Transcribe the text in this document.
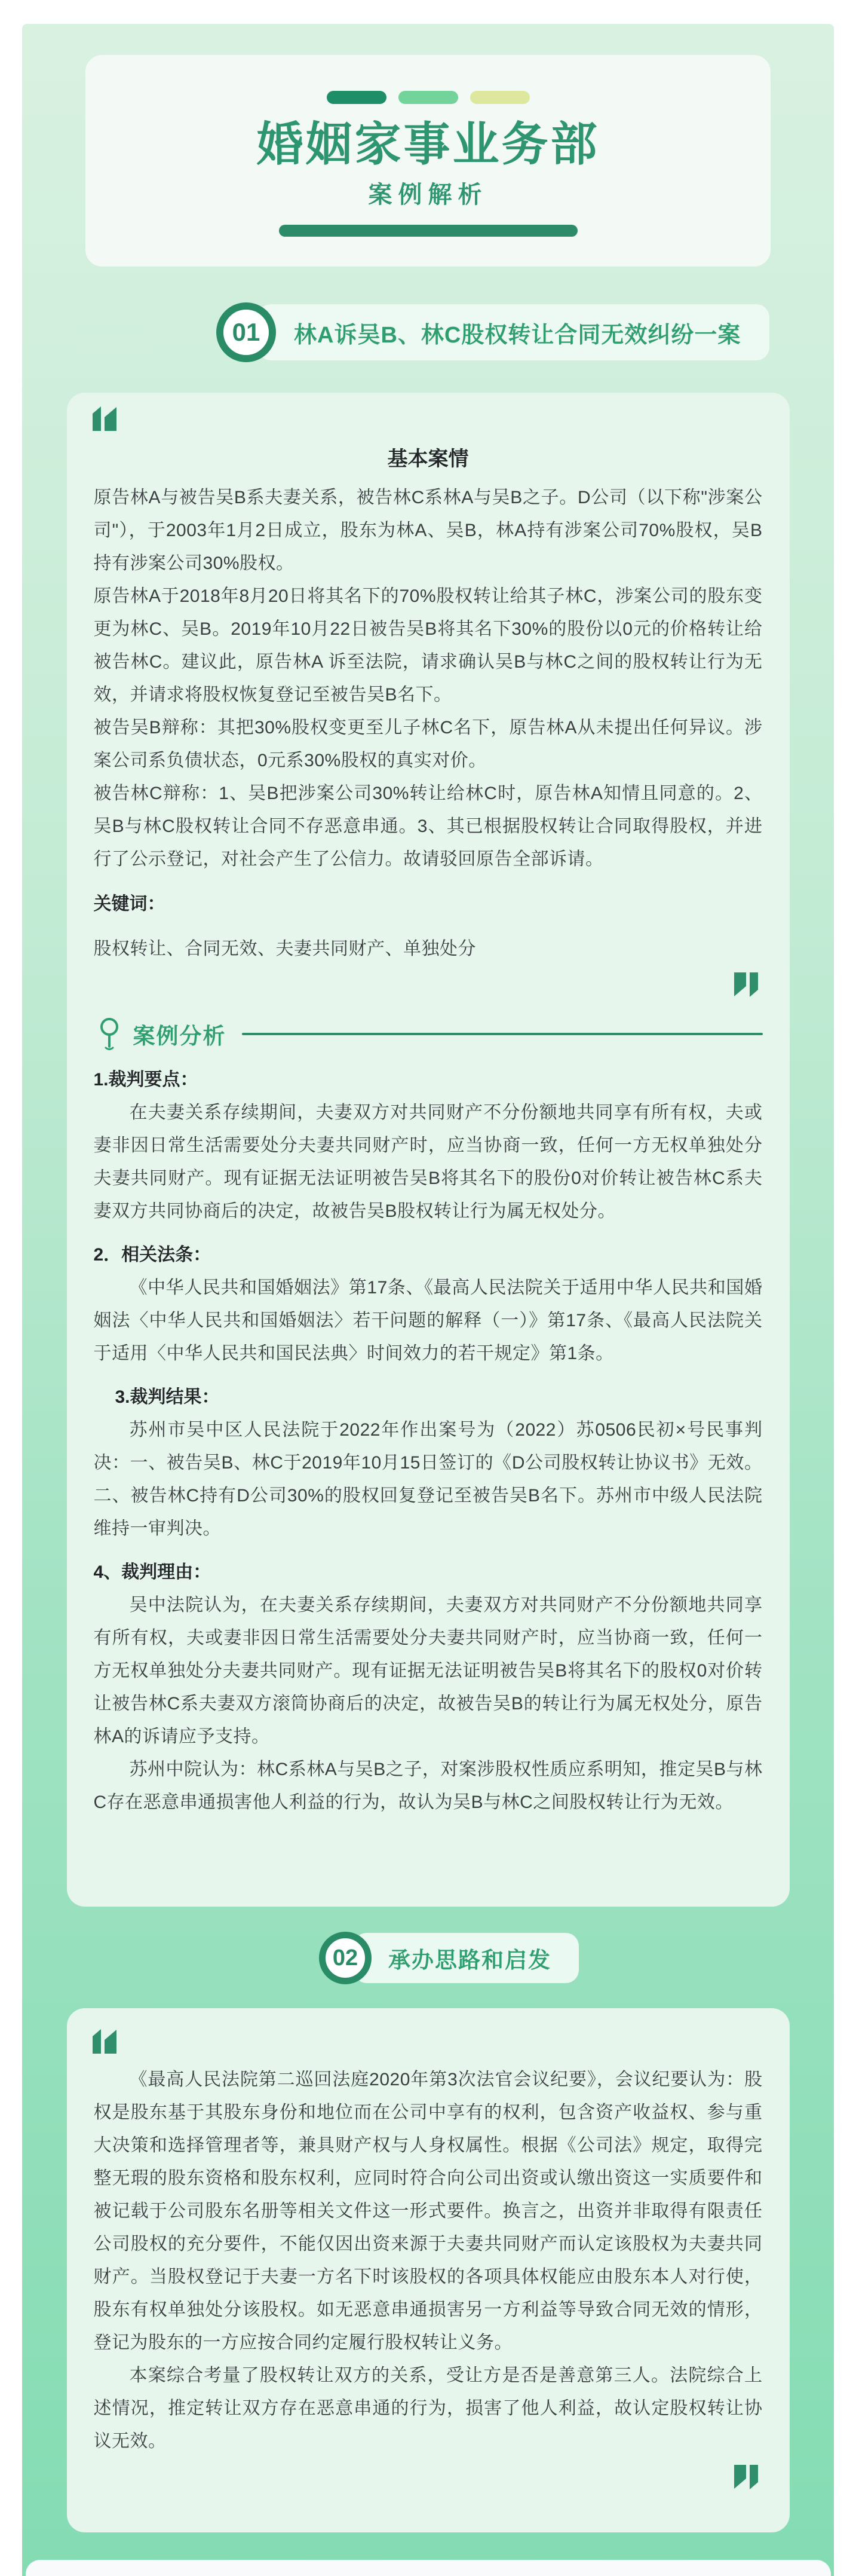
婚姻家事业务部
案例解析
01 林A诉吴B、林C股权转让合同无效纠纷一案
基本案情
原告林A与被告吴B系夫妻关系，被告林C系林A与吴B之子。D公司（以下称"涉案公司"），于2003年1月2日成立，股东为林A、吴B，林A持有涉案公司70%股权，吴B持有涉案公司30%股权。
原告林A于2018年8月20日将其名下的70%股权转让给其子林C，涉案公司的股东变更为林C、吴B。2019年10月22日被告吴B将其名下30%的股份以0元的价格转让给被告林C。建议此，原告林A 诉至法院，请求确认吴B与林C之间的股权转让行为无效，并请求将股权恢复登记至被告吴B名下。
被告吴B辩称：其把30%股权变更至儿子林C名下，原告林A从未提出任何异议。涉案公司系负债状态，0元系30%股权的真实对价。
被告林C辩称：1、吴B把涉案公司30%转让给林C时，原告林A知情且同意的。2、吴B与林C股权转让合同不存恶意串通。3、其已根据股权转让合同取得股权，并进行了公示登记，对社会产生了公信力。故请驳回原告全部诉请。
关键词：
股权转让、合同无效、夫妻共同财产、单独处分
案例分析
1.裁判要点：
在夫妻关系存续期间，夫妻双方对共同财产不分份额地共同享有所有权，夫或妻非因日常生活需要处分夫妻共同财产时，应当协商一致，任何一方无权单独处分夫妻共同财产。现有证据无法证明被告吴B将其名下的股份0对价转让被告林C系夫妻双方共同协商后的决定，故被告吴B股权转让行为属无权处分。
2．相关法条：
《中华人民共和国婚姻法》第17条、《最高人民法院关于适用中华人民共和国婚姻法〈中华人民共和国婚姻法〉若干问题的解释（一）》第17条、《最高人民法院关于适用〈中华人民共和国民法典〉时间效力的若干规定》第1条。
3.裁判结果：
苏州市吴中区人民法院于2022年作出案号为（2022）苏0506民初×号民事判决：一、被告吴B、林C于2019年10月15日签订的《D公司股权转让协议书》无效。二、被告林C持有D公司30%的股权回复登记至被告吴B名下。苏州市中级人民法院维持一审判决。
4、裁判理由：
吴中法院认为，在夫妻关系存续期间，夫妻双方对共同财产不分份额地共同享有所有权，夫或妻非因日常生活需要处分夫妻共同财产时，应当协商一致，任何一方无权单独处分夫妻共同财产。现有证据无法证明被告吴B将其名下的股权0对价转让被告林C系夫妻双方滚筒协商后的决定，故被告吴B的转让行为属无权处分，原告林A的诉请应予支持。
苏州中院认为：林C系林A与吴B之子，对案涉股权性质应系明知，推定吴B与林C存在恶意串通损害他人利益的行为，故认为吴B与林C之间股权转让行为无效。
02 承办思路和启发
《最高人民法院第二巡回法庭2020年第3次法官会议纪要》，会议纪要认为：股权是股东基于其股东身份和地位而在公司中享有的权利，包含资产收益权、参与重大决策和选择管理者等，兼具财产权与人身权属性。根据《公司法》规定，取得完整无瑕的股东资格和股东权利，应同时符合向公司出资或认缴出资这一实质要件和被记载于公司股东名册等相关文件这一形式要件。换言之，出资并非取得有限责任公司股权的充分要件，不能仅因出资来源于夫妻共同财产而认定该股权为夫妻共同财产。当股权登记于夫妻一方名下时该股权的各项具体权能应由股东本人对行使，股东有权单独处分该股权。如无恶意串通损害另一方利益等导致合同无效的情形，登记为股东的一方应按合同约定履行股权转让义务。
本案综合考量了股权转让双方的关系，受让方是否是善意第三人。法院综合上述情况，推定转让双方存在恶意串通的行为，损害了他人利益，故认定股权转让协议无效。
